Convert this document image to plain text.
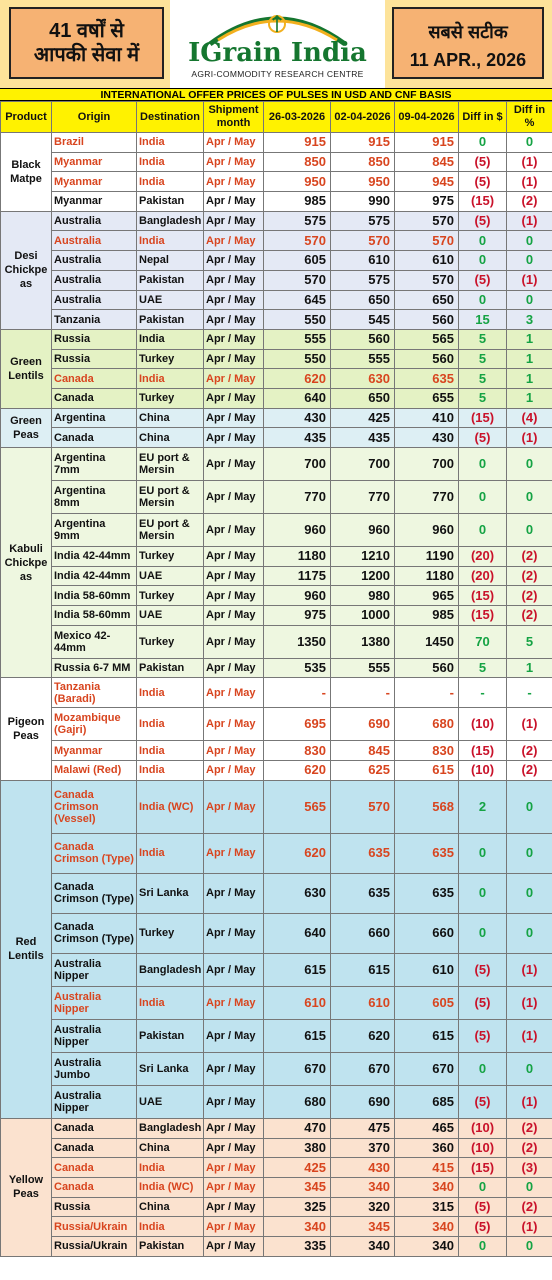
41 वर्षों से
आपकी सेवा में	IGrain India
AGRI-COMMODITY RESEARCH CENTRE
सबसे सटीक
11 APR., 2026
INTERNATIONAL OFFER PRICES OF PULSES IN USD AND CNF BASIS
Product	Origin	Destination	Shipment month	26-03-2026	02-04-2026	09-04-2026	Diff in $	Diff in %
Black Matpe	Brazil	India	Apr / May	915	915	915	0	0
	Myanmar	India	Apr / May	850	850	845	(5)	(1)
	Myanmar	India	Apr / May	950	950	945	(5)	(1)
	Myanmar	Pakistan	Apr / May	985	990	975	(15)	(2)
Desi Chickpe as	Australia	Bangladesh	Apr / May	575	575	570	(5)	(1)
	Australia	India	Apr / May	570	570	570	0	0
	Australia	Nepal	Apr / May	605	610	610	0	0
	Australia	Pakistan	Apr / May	570	575	570	(5)	(1)
	Australia	UAE	Apr / May	645	650	650	0	0
	Tanzania	Pakistan	Apr / May	550	545	560	15	3
Green Lentils	Russia	India	Apr / May	555	560	565	5	1
	Russia	Turkey	Apr / May	550	555	560	5	1
	Canada	India	Apr / May	620	630	635	5	1
	Canada	Turkey	Apr / May	640	650	655	5	1
Green Peas	Argentina	China	Apr / May	430	425	410	(15)	(4)
	Canada	China	Apr / May	435	435	430	(5)	(1)
Kabuli Chickpe as	Argentina 7mm	EU port & Mersin	Apr / May	700	700	700	0	0
	Argentina 8mm	EU port & Mersin	Apr / May	770	770	770	0	0
	Argentina 9mm	EU port & Mersin	Apr / May	960	960	960	0	0
	India 42-44mm	Turkey	Apr / May	1180	1210	1190	(20)	(2)
	India 42-44mm	UAE	Apr / May	1175	1200	1180	(20)	(2)
	India 58-60mm	Turkey	Apr / May	960	980	965	(15)	(2)
	India 58-60mm	UAE	Apr / May	975	1000	985	(15)	(2)
	Mexico 42-44mm	Turkey	Apr / May	1350	1380	1450	70	5
	Russia 6-7 MM	Pakistan	Apr / May	535	555	560	5	1
Pigeon Peas	Tanzania (Baradi)	India	Apr / May	-	-	-	-	-
	Mozambique (Gajri)	India	Apr / May	695	690	680	(10)	(1)
	Myanmar	India	Apr / May	830	845	830	(15)	(2)
	Malawi (Red)	India	Apr / May	620	625	615	(10)	(2)
Red Lentils	Canada Crimson (Vessel)	India (WC)	Apr / May	565	570	568	2	0
	Canada Crimson (Type)	India	Apr / May	620	635	635	0	0
	Canada Crimson (Type)	Sri Lanka	Apr / May	630	635	635	0	0
	Canada Crimson (Type)	Turkey	Apr / May	640	660	660	0	0
	Australia Nipper	Bangladesh	Apr / May	615	615	610	(5)	(1)
	Australia Nipper	India	Apr / May	610	610	605	(5)	(1)
	Australia Nipper	Pakistan	Apr / May	615	620	615	(5)	(1)
	Australia Jumbo	Sri Lanka	Apr / May	670	670	670	0	0
	Australia Nipper	UAE	Apr / May	680	690	685	(5)	(1)
Yellow Peas	Canada	Bangladesh	Apr / May	470	475	465	(10)	(2)
	Canada	China	Apr / May	380	370	360	(10)	(2)
	Canada	India	Apr / May	425	430	415	(15)	(3)
	Canada	India (WC)	Apr / May	345	340	340	0	0
	Russia	China	Apr / May	325	320	315	(5)	(2)
	Russia/Ukrain	India	Apr / May	340	345	340	(5)	(1)
	Russia/Ukrain	Pakistan	Apr / May	335	340	340	0	0
